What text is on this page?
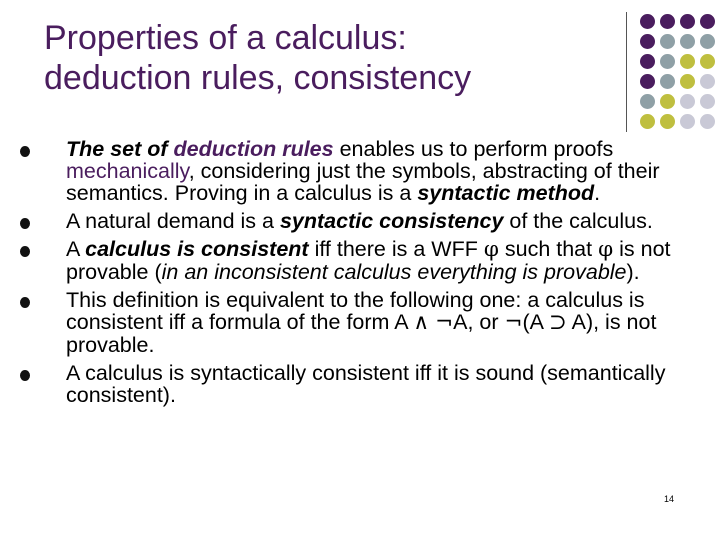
Properties of a calculus:
deduction rules, consistency
The set of deduction rules enables us to perform proofs mechanically, considering just the symbols, abstracting of their semantics. Proving in a calculus is a syntactic method.
A natural demand is a syntactic consistency of the calculus.
A calculus is consistent iff there is a WFF φ such that φ is not provable (in an inconsistent calculus everything is provable).
This definition is equivalent to the following one: a calculus is consistent iff a formula of the form A ∧ ¬A, or ¬(A ⊃ A), is not provable.
A calculus is syntactically consistent iff it is sound (semantically consistent).
14
